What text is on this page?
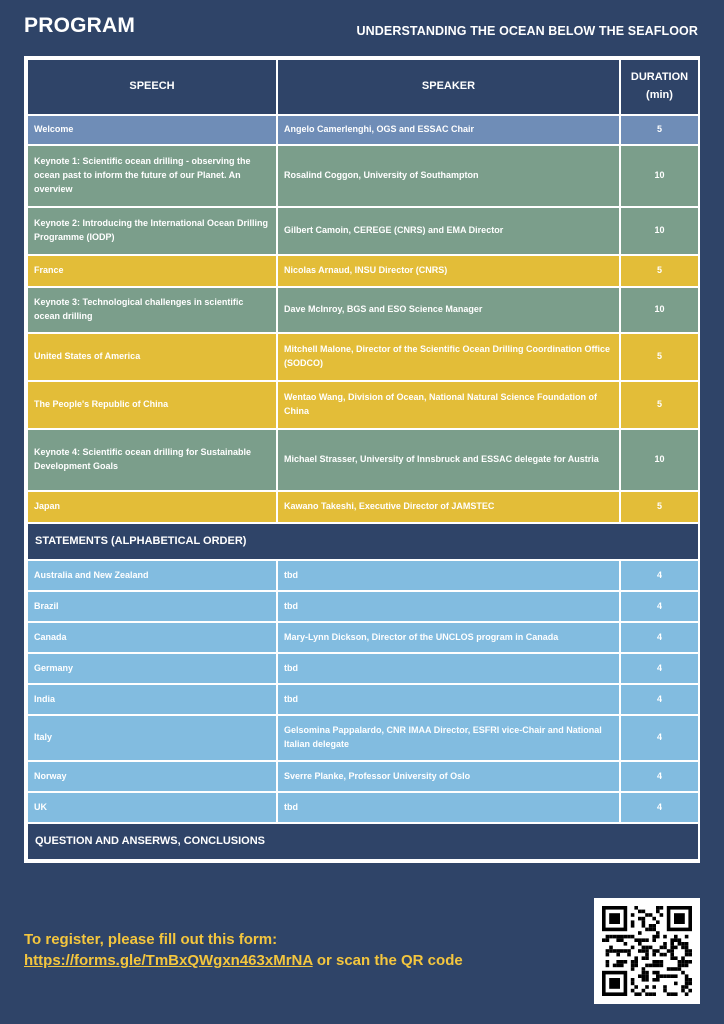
PROGRAM	UNDERSTANDING THE OCEAN BELOW THE SEAFLOOR
SPEECH	SPEAKER	DURATION
(min)
Welcome	Angelo Camerlenghi, OGS and ESSAC Chair	5
Keynote 1: Scientific ocean drilling - observing the ocean past to inform the future of our Planet. An overview	Rosalind Coggon, University of Southampton	10
Keynote 2: Introducing the International Ocean Drilling Programme (IODP)	Gilbert Camoin, CEREGE (CNRS) and EMA Director	10
France	Nicolas Arnaud, INSU Director (CNRS)	5
Keynote 3: Technological challenges in scientific ocean drilling	Dave McInroy, BGS and ESO Science Manager	10
United States of America	Mitchell Malone, Director of the Scientific Ocean Drilling Coordination Office (SODCO)	5
The People's Republic of China	Wentao Wang, Division of Ocean, National Natural Science Foundation of China	5
Keynote 4: Scientific ocean drilling for Sustainable Development Goals	Michael Strasser, University of Innsbruck and ESSAC delegate for Austria	10
Japan	Kawano Takeshi, Executive Director of JAMSTEC	5
STATEMENTS (ALPHABETICAL ORDER)		
Australia and New Zealand	tbd	4
Brazil	tbd	4
Canada	Mary-Lynn Dickson, Director of the UNCLOS program in Canada	4
Germany	tbd	4
India	tbd	4
Italy	Gelsomina Pappalardo, CNR IMAA Director, ESFRI vice-Chair and National Italian delegate	4
Norway	Sverre Planke, Professor University of Oslo	4
UK	tbd	4
QUESTION AND ANSERWS, CONCLUSIONS		
To register, please fill out this form:
https://forms.gle/TmBxQWgxn463xMrNA or scan the QR code
